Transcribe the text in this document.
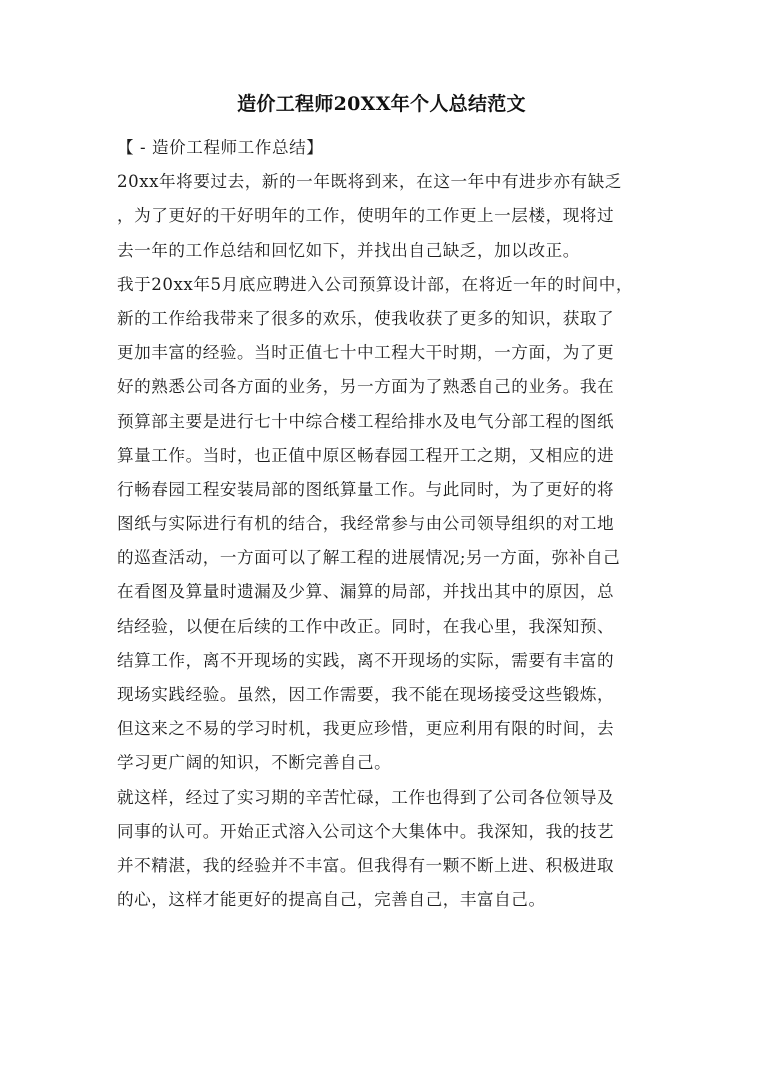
造价工程师20XX年个人总结范文
【 - 造价工程师工作总结】
20xx年将要过去，新的一年既将到来，在这一年中有进步亦有缺乏
，为了更好的干好明年的工作，使明年的工作更上一层楼，现将过
去一年的工作总结和回忆如下，并找出自己缺乏，加以改正。
我于20xx年5月底应聘进入公司预算设计部，在将近一年的时间中，
新的工作给我带来了很多的欢乐，使我收获了更多的知识，获取了
更加丰富的经验。当时正值七十中工程大干时期，一方面，为了更
好的熟悉公司各方面的业务，另一方面为了熟悉自己的业务。我在
预算部主要是进行七十中综合楼工程给排水及电气分部工程的图纸
算量工作。当时，也正值中原区畅春园工程开工之期，又相应的进
行畅春园工程安装局部的图纸算量工作。与此同时，为了更好的将
图纸与实际进行有机的结合，我经常参与由公司领导组织的对工地
的巡查活动，一方面可以了解工程的进展情况;另一方面，弥补自己
在看图及算量时遗漏及少算、漏算的局部，并找出其中的原因，总
结经验，以便在后续的工作中改正。同时，在我心里，我深知预、
结算工作，离不开现场的实践，离不开现场的实际，需要有丰富的
现场实践经验。虽然，因工作需要，我不能在现场接受这些锻炼，
但这来之不易的学习时机，我更应珍惜，更应利用有限的时间，去
学习更广阔的知识，不断完善自己。
就这样，经过了实习期的辛苦忙碌，工作也得到了公司各位领导及
同事的认可。开始正式溶入公司这个大集体中。我深知，我的技艺
并不精湛，我的经验并不丰富。但我得有一颗不断上进、积极进取
的心，这样才能更好的提高自己，完善自己，丰富自己。
